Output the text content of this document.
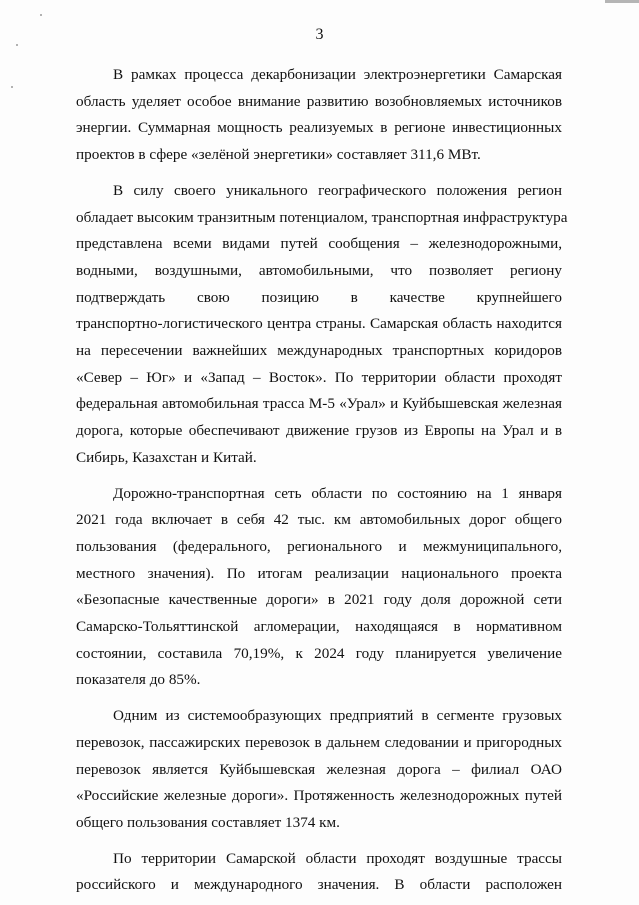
3
В рамках процесса декарбонизации электроэнергетики Самарская
область уделяет особое внимание развитию возобновляемых источников
энергии. Суммарная мощность реализуемых в регионе инвестиционных
проектов в сфере «зелёной энергетики» составляет 311,6 МВт.
В силу своего уникального географического положения регион
обладает высоким транзитным потенциалом, транспортная инфраструктура
представлена всеми видами путей сообщения – железнодорожными,
водными, воздушными, автомобильными, что позволяет региону
подтверждать свою позицию в качестве крупнейшего
транспортно-логистического центра страны. Самарская область находится
на пересечении важнейших международных транспортных коридоров
«Север – Юг» и «Запад – Восток». По территории области проходят
федеральная автомобильная трасса М-5 «Урал» и Куйбышевская железная
дорога, которые обеспечивают движение грузов из Европы на Урал и в
Сибирь, Казахстан и Китай.
Дорожно-транспортная сеть области по состоянию на 1 января
2021 года включает в себя 42 тыс. км автомобильных дорог общего
пользования (федерального, регионального и межмуниципального,
местного значения). По итогам реализации национального проекта
«Безопасные качественные дороги» в 2021 году доля дорожной сети
Самарско-Тольяттинской агломерации, находящаяся в нормативном
состоянии, составила 70,19%, к 2024 году планируется увеличение
показателя до 85%.
Одним из системообразующих предприятий в сегменте грузовых
перевозок, пассажирских перевозок в дальнем следовании и пригородных
перевозок является Куйбышевская железная дорога – филиал ОАО
«Российские железные дороги». Протяженность железнодорожных путей
общего пользования составляет 1374 км.
По территории Самарской области проходят воздушные трассы
российского и международного значения. В области расположен
